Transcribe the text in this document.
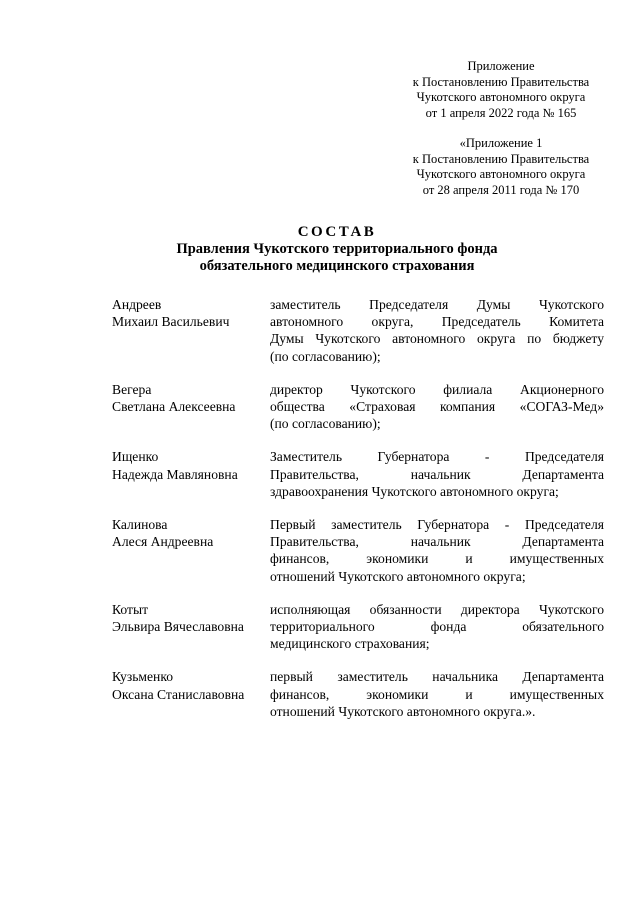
Приложение
к Постановлению Правительства
Чукотского автономного округа
от 1 апреля 2022 года № 165
«Приложение 1
к Постановлению Правительства
Чукотского автономного округа
от 28 апреля 2011 года № 170
СОСТАВ
Правления Чукотского территориального фонда
обязательного медицинского страхования
Андреев
Михаил Васильевич
заместитель Председателя Думы Чукотского
автономного округа, Председатель Комитета
Думы Чукотского автономного округа по бюджету
(по согласованию);
Вегера
Светлана Алексеевна
директор Чукотского филиала Акционерного
общества «Страховая компания «СОГАЗ-Мед»
(по согласованию);
Ищенко
Надежда Мавляновна
Заместитель Губернатора - Председателя
Правительства, начальник Департамента
здравоохранения Чукотского автономного округа;
Калинова
Алеся Андреевна
Первый заместитель Губернатора - Председателя
Правительства, начальник Департамента
финансов, экономики и имущественных
отношений Чукотского автономного округа;
Котыт
Эльвира Вячеславовна
исполняющая обязанности директора Чукотского
территориального фонда обязательного
медицинского страхования;
Кузьменко
Оксана Станиславовна
первый заместитель начальника Департамента
финансов, экономики и имущественных
отношений Чукотского автономного округа.».
